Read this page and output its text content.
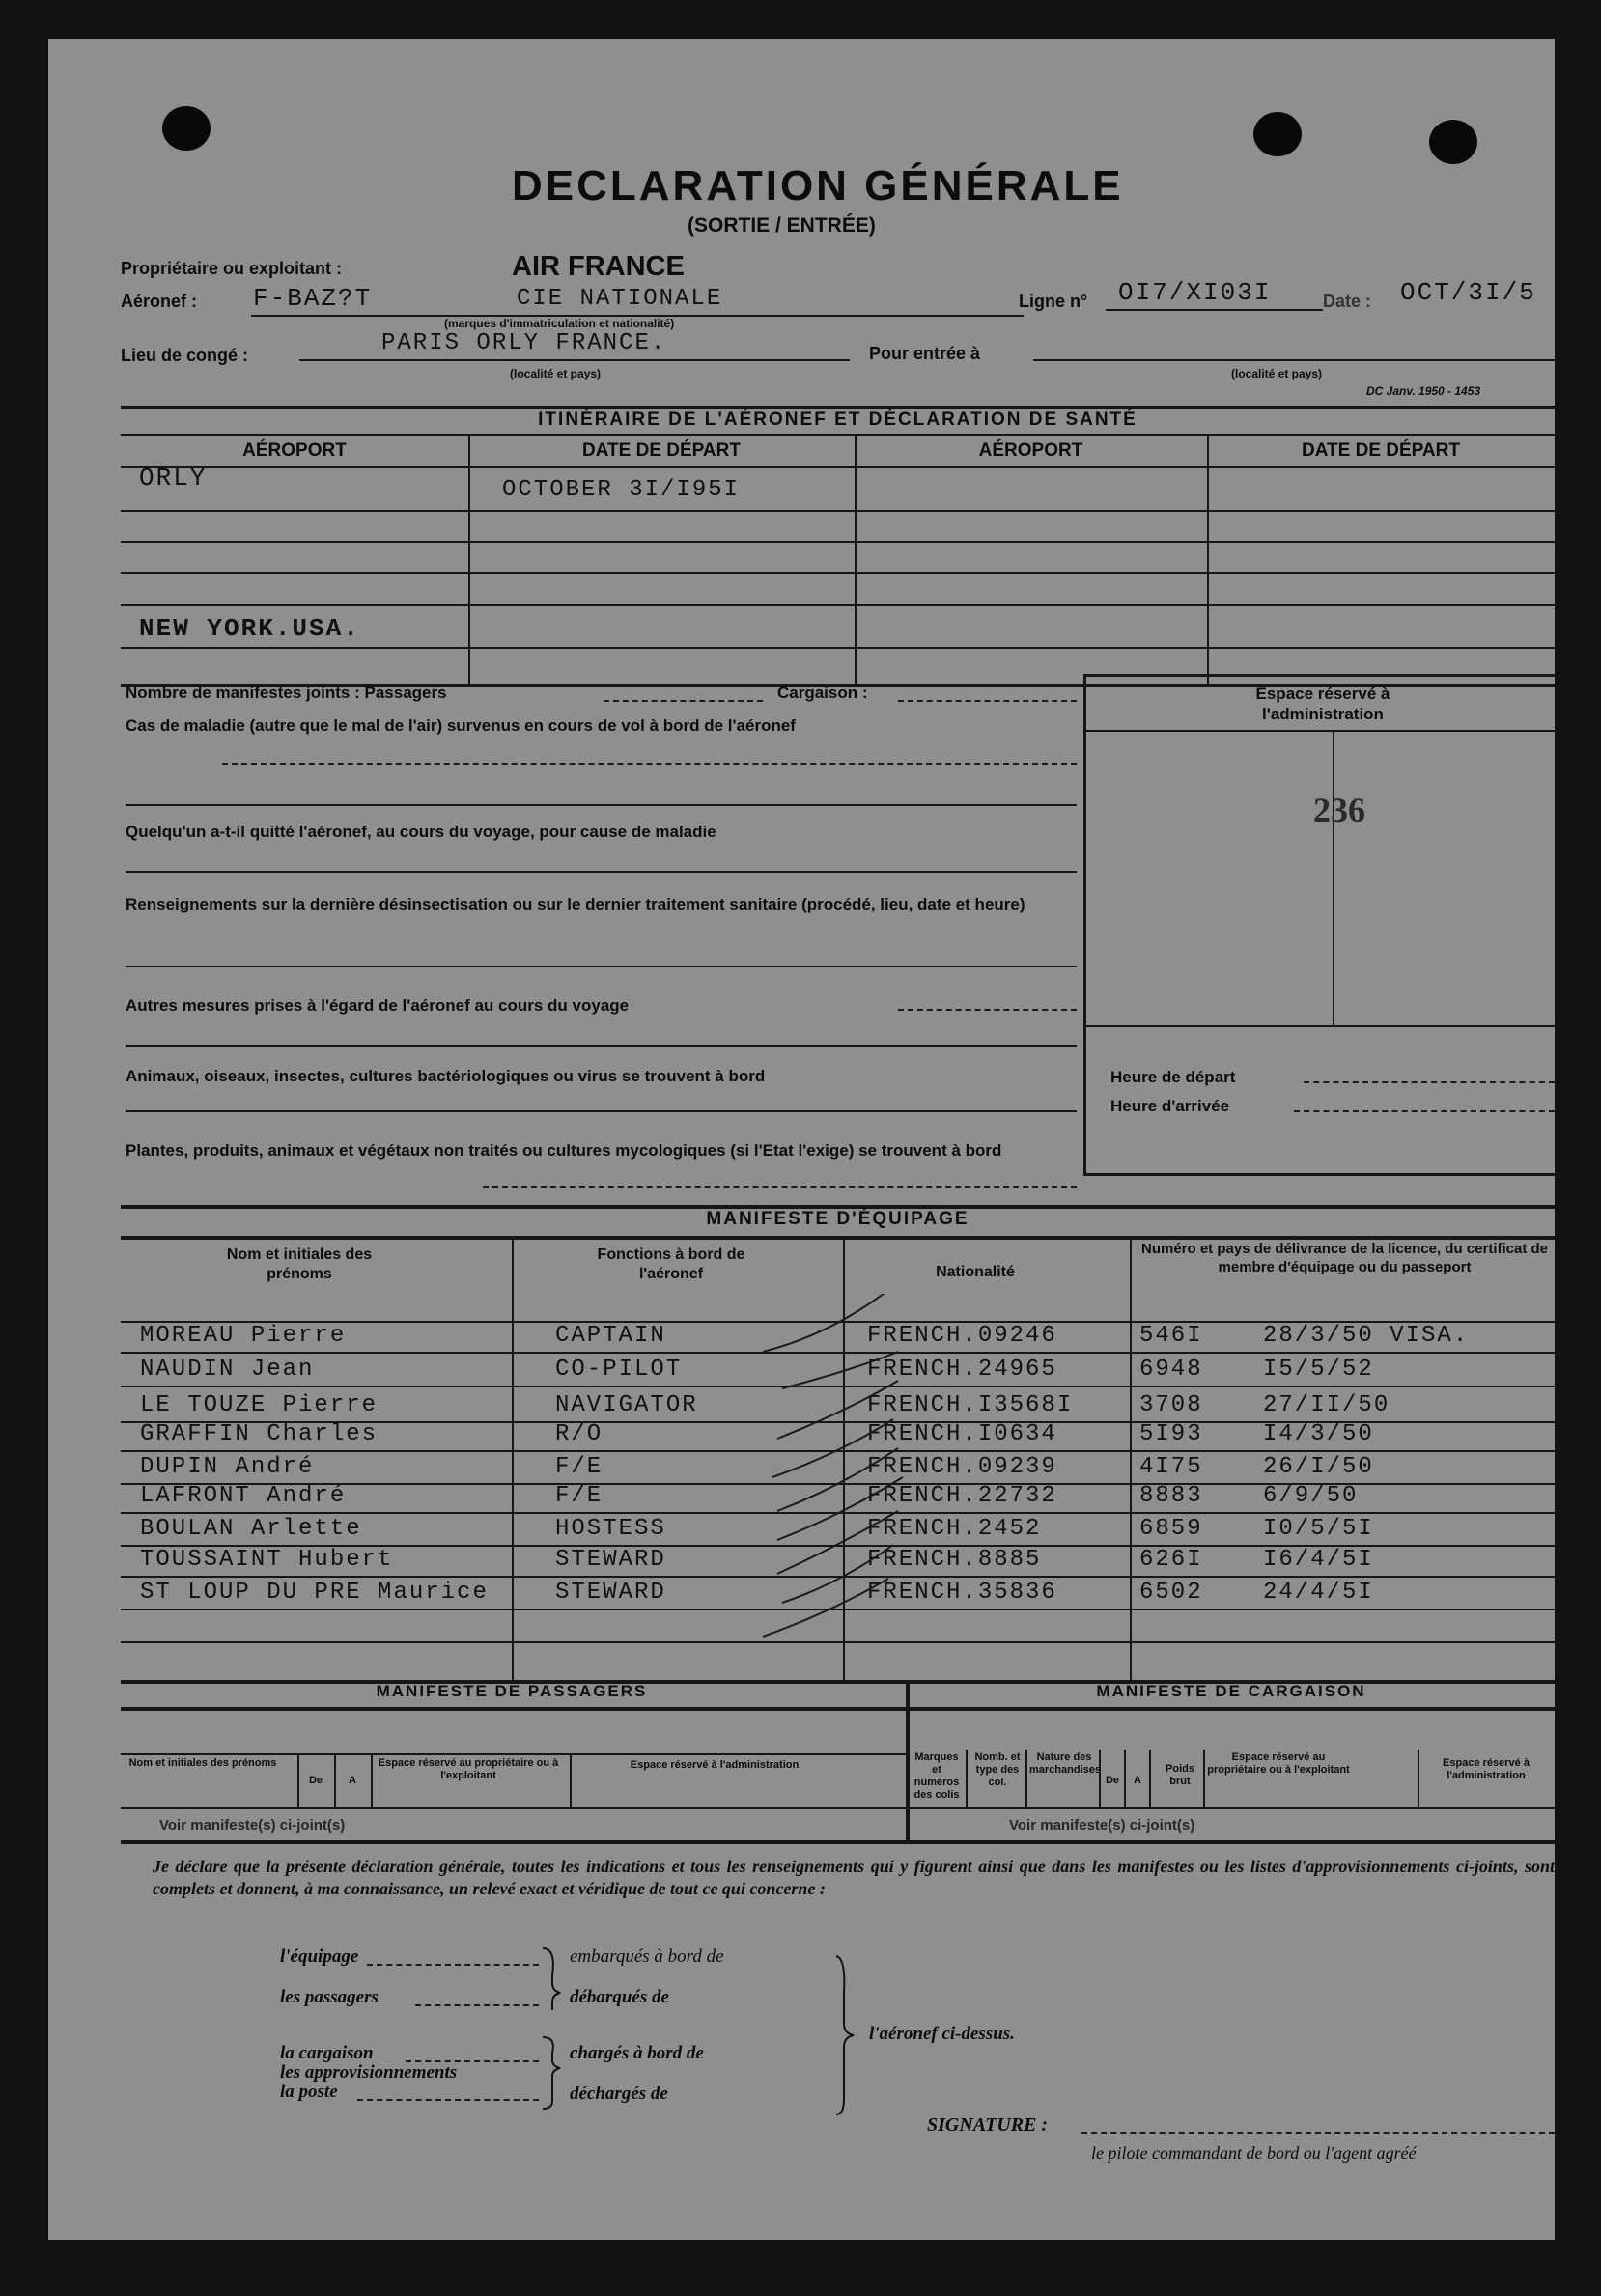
DECLARATION GÉNÉRALE
(SORTIE / ENTRÉE)
Propriétaire ou exploitant :	AIR FRANCE
Aéronef : F-BAZ?T	CIE NATIONALE
(marques d'immatriculation et nationalité)
Ligne n° OI7/XI03I	Date : OCT/3I/5
Lieu de congé :	PARIS ORLY FRANCE.
(localité et pays)
Pour entrée à
(localité et pays)
DC Janv. 1950 - 1453
ITINÉRAIRE DE L'AÉRONEF ET DÉCLARATION DE SANTÉ
AÉROPORT	DATE DE DÉPART	AÉROPORT	DATE DE DÉPART
ORLY	OCTOBER 3I/I95I
NEW YORK.USA.
Nombre de manifestes joints : Passagers	Cargaison :
Cas de maladie (autre que le mal de l'air) survenus en cours de vol à bord de l'aéronef
Quelqu'un a-t-il quitté l'aéronef, au cours du voyage, pour cause de maladie
Renseignements sur la dernière désinsectisation ou sur le dernier traitement sanitaire (procédé, lieu, date et heure)
Autres mesures prises à l'égard de l'aéronef au cours du voyage
Animaux, oiseaux, insectes, cultures bactériologiques ou virus se trouvent à bord
Plantes, produits, animaux et végétaux non traités ou cultures mycologiques (si l'Etat l'exige) se trouvent à bord
Espace réservé à l'administration
236
Heure de départ
Heure d'arrivée
MANIFESTE D'ÉQUIPAGE
Nom et initiales des prénoms
Fonctions à bord de l'aéronef	Nationalité
Numéro et pays de délivrance de la licence, du certificat de membre d'équipage ou du passeport
MOREAU Pierre	CAPTAIN	FRENCH.09246	546I	28/3/50 VISA.
NAUDIN Jean	CO-PILOT	FRENCH.24965	6948	I5/5/52
LE TOUZE Pierre	NAVIGATOR	FRENCH.I3568I	3708	27/II/50
GRAFFIN Charles	R/O	FRENCH.I0634	5I93	I4/3/50
DUPIN André	F/E	FRENCH.09239	4I75	26/I/50
LAFRONT André	F/E	FRENCH.22732	8883	6/9/50
BOULAN Arlette	HOSTESS	FRENCH.2452	6859	I0/5/5I
TOUSSAINT Hubert	STEWARD	FRENCH.8885	626I	I6/4/5I
ST LOUP DU PRE Maurice	STEWARD	FRENCH.35836	6502	24/4/5I
MANIFESTE DE PASSAGERS	MANIFESTE DE CARGAISON
Nom et initiales des prénoms
De	A
Espace réservé au propriétaire ou à l'exploitant
Espace réservé à l'administration
Voir manifeste(s) ci-joint(s)
Marques et numéros des colis
Nomb. et type des col.
Nature des marchandises
De	A
Poids brut
Espace réservé au propriétaire ou à l'exploitant
Espace réservé à l'administration
Voir manifeste(s) ci-joint(s)
Je déclare que la présente déclaration générale, toutes les indications et tous les renseignements qui y figurent ainsi que dans les manifestes ou les listes d'approvisionnements ci-joints, sont complets et donnent, à ma connaissance, un relevé exact et véridique de tout ce qui concerne :
l'équipage	embarqués à bord de
les passagers	débarqués de
la cargaison	chargés à bord de
les approvisionnements
la poste	déchargés de
l'aéronef ci-dessus.
SIGNATURE :
le pilote commandant de bord ou l'agent agréé
